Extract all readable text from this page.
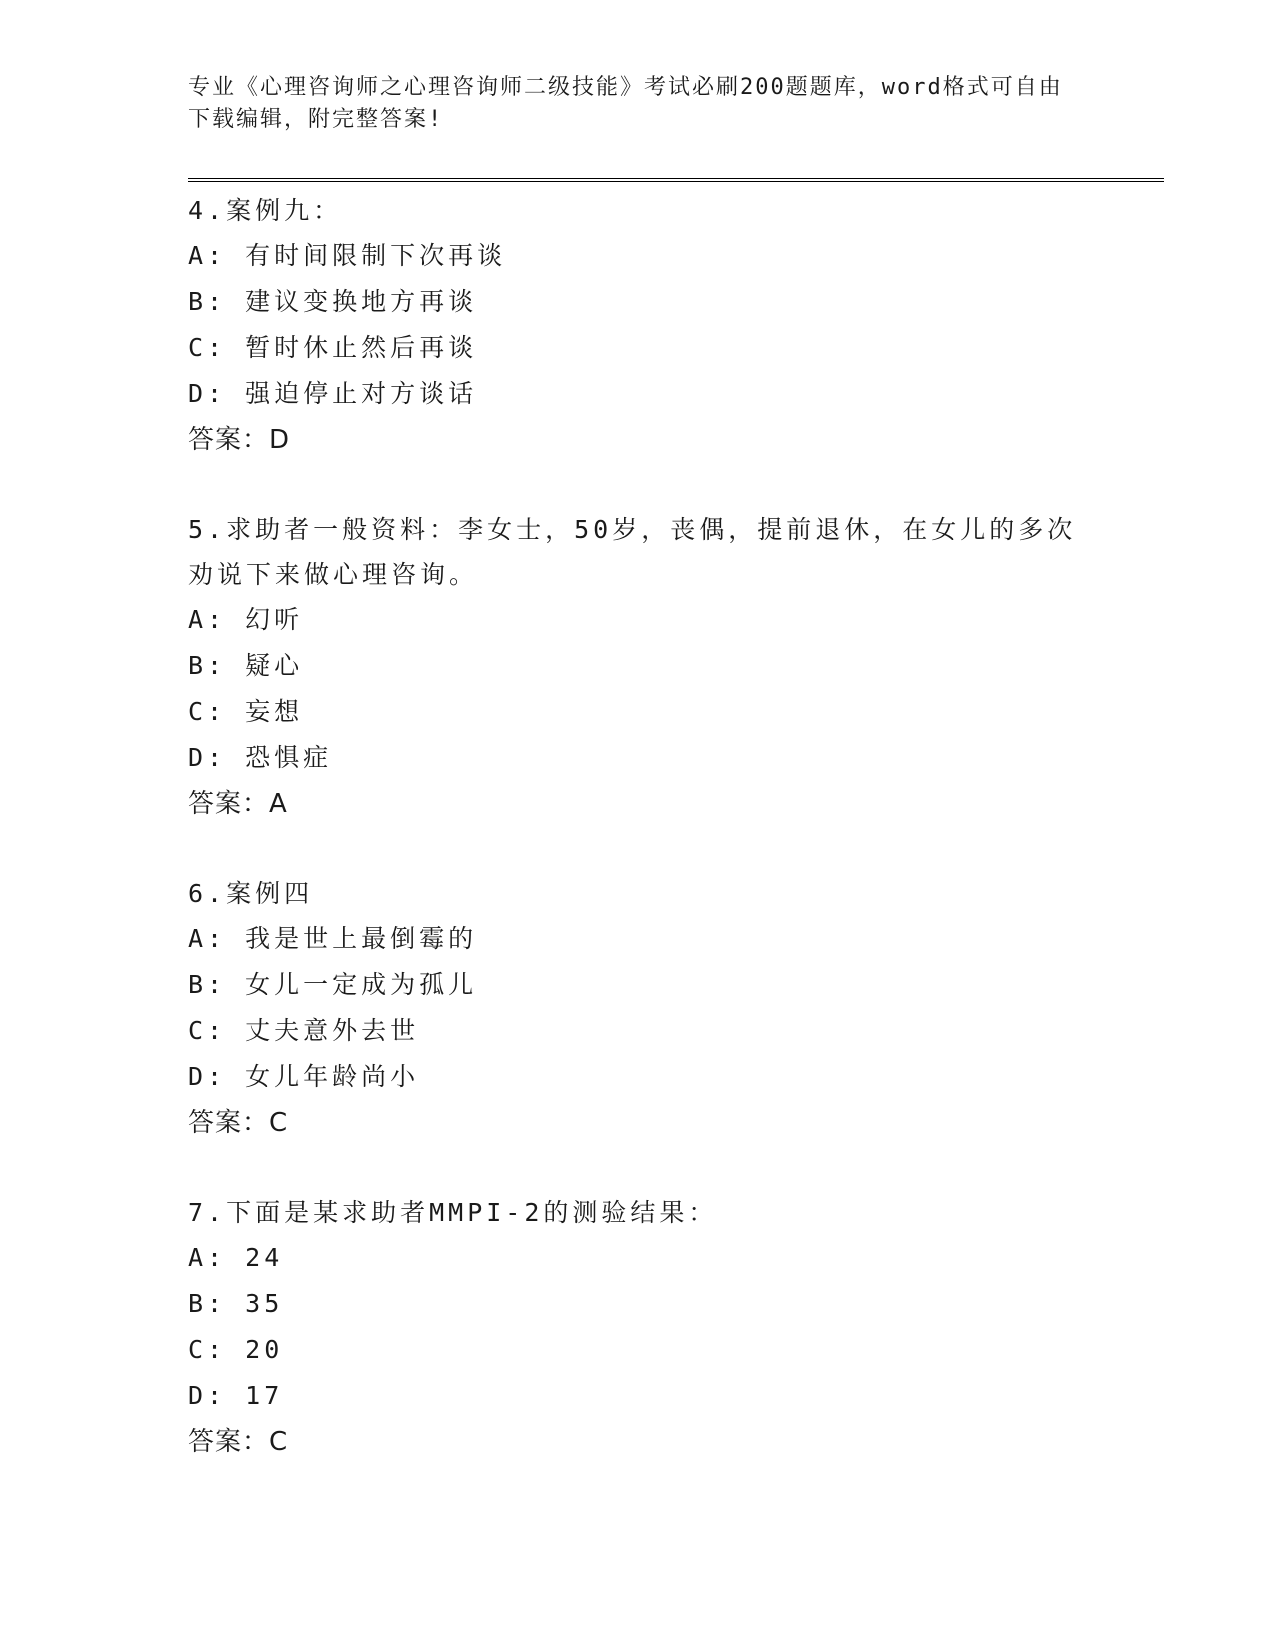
专业《心理咨询师之心理咨询师二级技能》考试必刷200题题库，word格式可自由下载编辑，附完整答案!

4.案例九：

A: 有时间限制下次再谈

B: 建议变换地方再谈

C: 暂时休止然后再谈

D: 强迫停止对方谈话

答案：D

5.求助者一般资料：李女士，50岁，丧偶，提前退休，在女儿的多次劝说下来做心理咨询。

A: 幻听

B: 疑心

C: 妄想

D: 恐惧症

答案：A

6.案例四

A: 我是世上最倒霉的

B: 女儿一定成为孤儿

C: 丈夫意外去世

D: 女儿年龄尚小

答案：C

7.下面是某求助者MMPI-2的测验结果：

A: 24

B: 35

C: 20

D: 17

答案：C
